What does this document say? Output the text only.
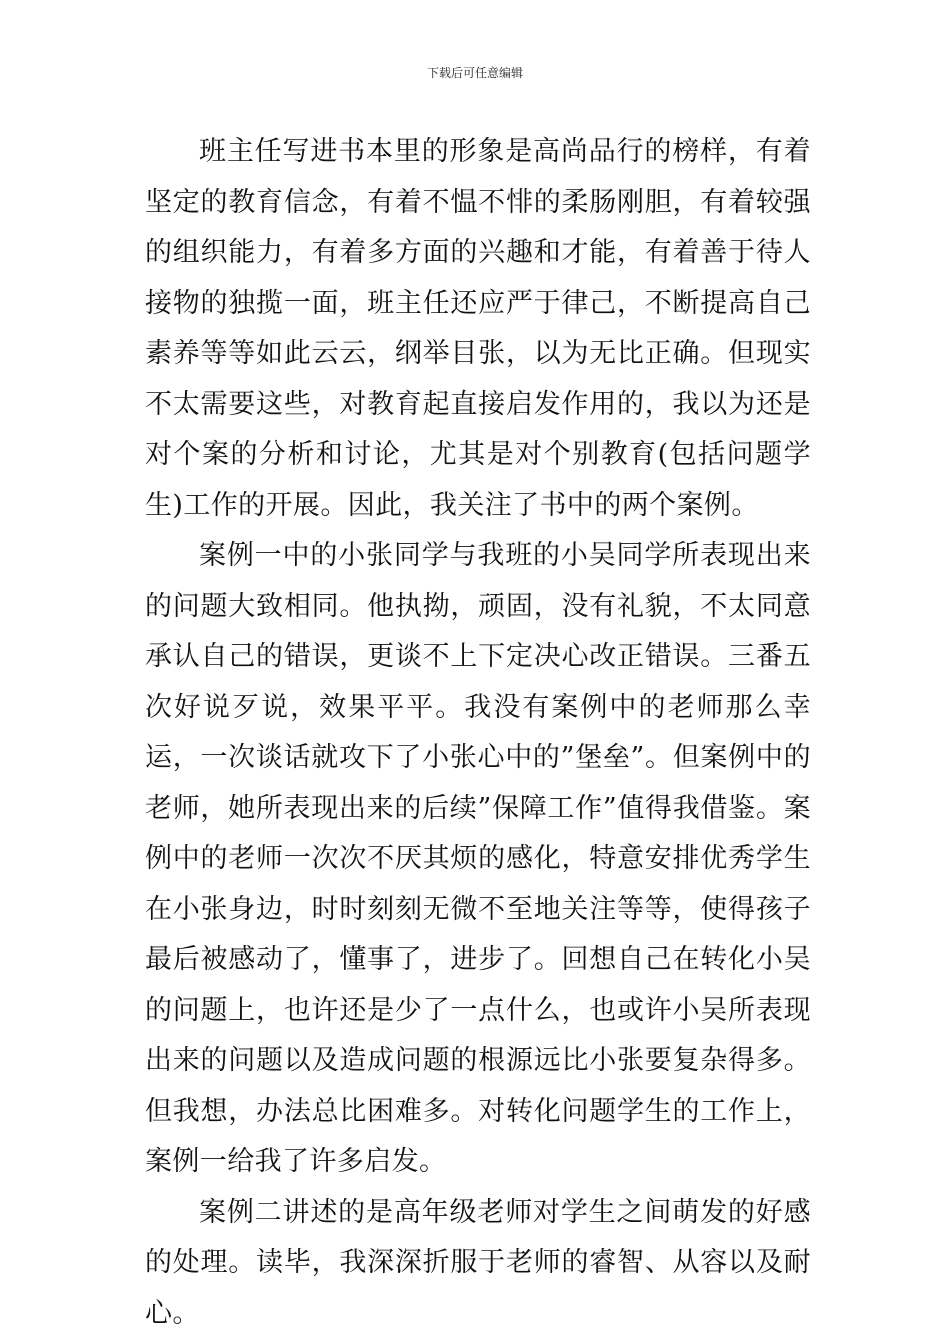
下载后可任意编辑

班主任写进书本里的形象是高尚品行的榜样，有着坚定的教育信念，有着不愠不悱的柔肠刚胆，有着较强的组织能力，有着多方面的兴趣和才能，有着善于待人接物的独揽一面，班主任还应严于律己，不断提高自己素养等等如此云云，纲举目张，以为无比正确。但现实不太需要这些，对教育起直接启发作用的，我以为还是对个案的分析和讨论，尤其是对个别教育(包括问题学生)工作的开展。因此，我关注了书中的两个案例。

案例一中的小张同学与我班的小吴同学所表现出来的问题大致相同。他执拗，顽固，没有礼貌，不太同意承认自己的错误，更谈不上下定决心改正错误。三番五次好说歹说，效果平平。我没有案例中的老师那么幸运，一次谈话就攻下了小张心中的”堡垒”。但案例中的老师，她所表现出来的后续”保障工作”值得我借鉴。案例中的老师一次次不厌其烦的感化，特意安排优秀学生在小张身边，时时刻刻无微不至地关注等等，使得孩子最后被感动了，懂事了，进步了。回想自己在转化小吴的问题上，也许还是少了一点什么，也或许小吴所表现出来的问题以及造成问题的根源远比小张要复杂得多。但我想，办法总比困难多。对转化问题学生的工作上，案例一给我了许多启发。

案例二讲述的是高年级老师对学生之间萌发的好感的处理。读毕，我深深折服于老师的睿智、从容以及耐心。
